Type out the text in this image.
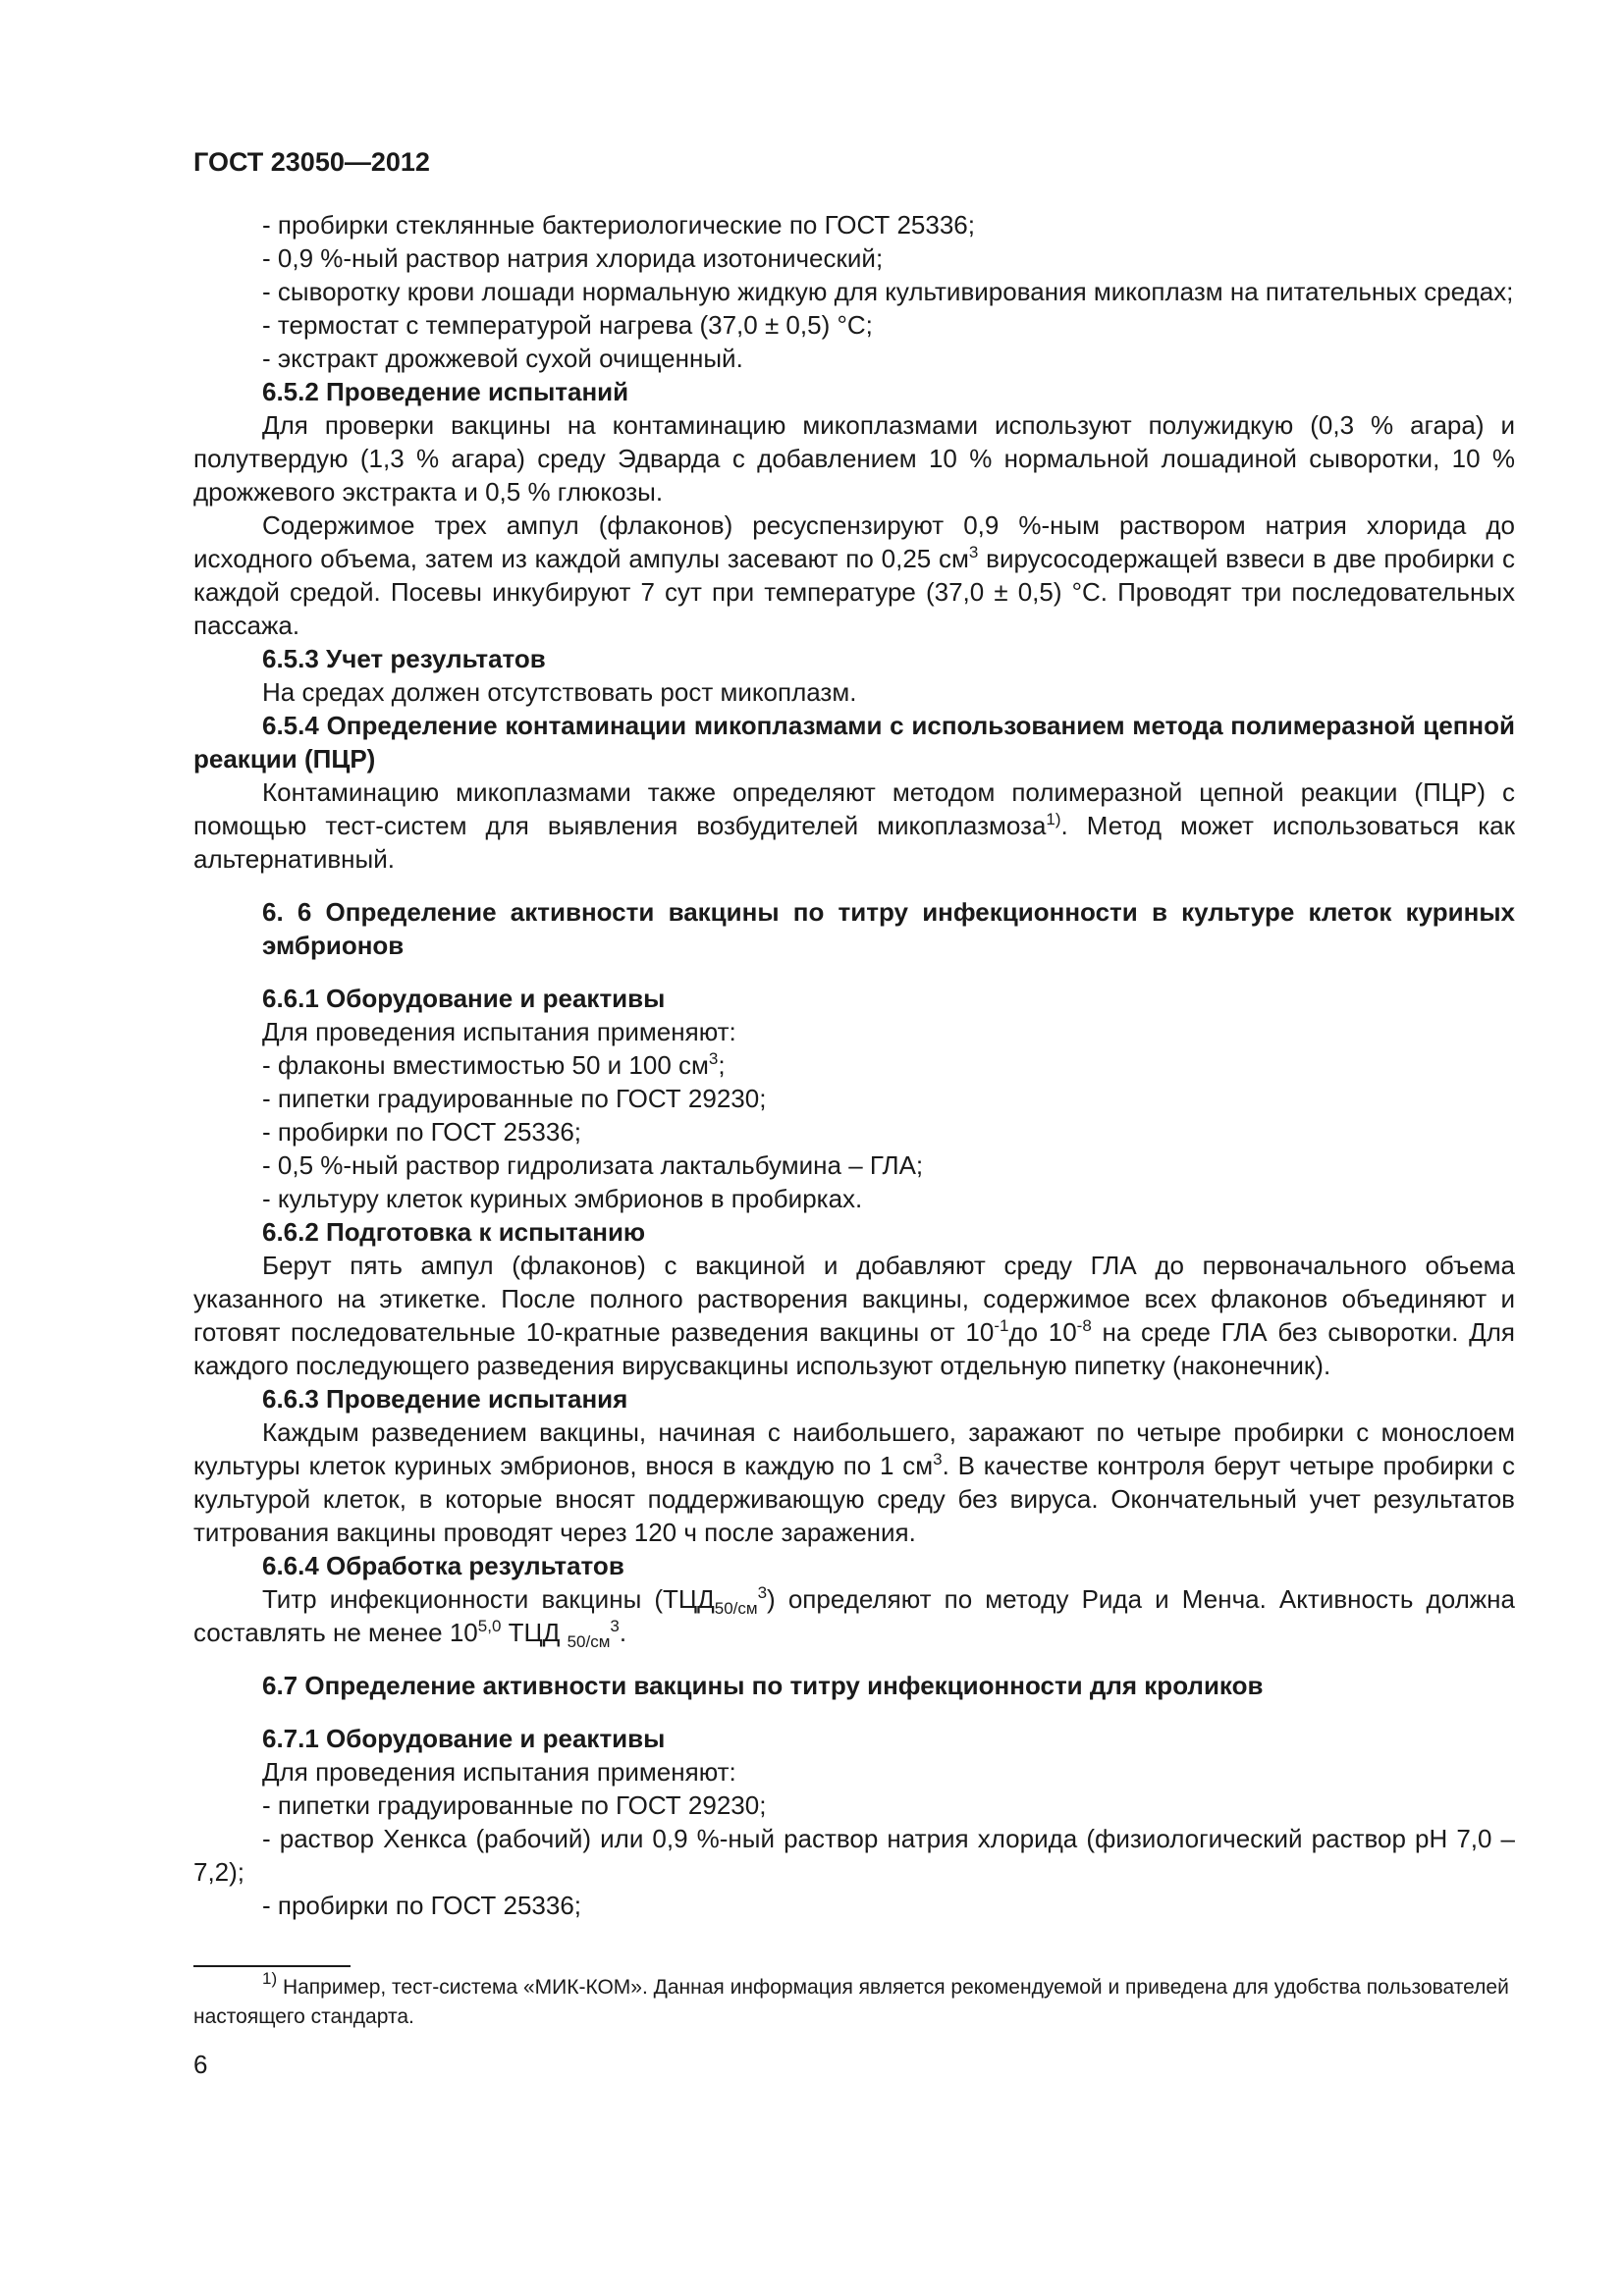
ГОСТ 23050—2012

- пробирки стеклянные бактериологические по ГОСТ 25336;

- 0,9 %-ный раствор натрия хлорида изотонический;

- сыворотку крови лошади нормальную жидкую для культивирования микоплазм на питательных средах;

- термостат с температурой нагрева (37,0 ± 0,5) °С;

- экстракт дрожжевой сухой очищенный.

6.5.2 Проведение испытаний

Для проверки вакцины на контаминацию микоплазмами используют полужидкую (0,3 % агара) и полутвердую (1,3 % агара) среду Эдварда с добавлением 10 % нормальной лошадиной сыворотки, 10 % дрожжевого экстракта и 0,5 % глюкозы.

Содержимое трех ампул (флаконов) ресуспензируют 0,9 %-ным раствором натрия хлорида до исходного объема, затем из каждой ампулы засевают по 0,25 $см^3$ вирусосодержащей взвеси в две пробирки с каждой средой. Посевы инкубируют 7 сут при температуре (37,0 ± 0,5) °С. Проводят три последовательных пассажа.

6.5.3 Учет результатов

На средах должен отсутствовать рост микоплазм.

6.5.4 Определение контаминации микоплазмами с использованием метода полимеразной цепной реакции (ПЦР)

Контаминацию микоплазмами также определяют методом полимеразной цепной реакции (ПЦР) с помощью тест-систем для выявления возбудителей микоплазмоза$^{1)}$. Метод может использоваться как альтернативный.

6. 6 Определение активности вакцины по титру инфекционности в культуре клеток куриных эмбрионов

6.6.1 Оборудование и реактивы

Для проведения испытания применяют:

- флаконы вместимостью 50 и 100 $см^3$;

- пипетки градуированные по ГОСТ 29230;

- пробирки по ГОСТ 25336;

- 0,5 %-ный раствор гидролизата лактальбумина – ГЛА;

- культуру клеток куриных эмбрионов в пробирках.

6.6.2 Подготовка к испытанию

Берут пять ампул (флаконов) с вакциной и добавляют среду ГЛА до первоначального объема указанного на этикетке. После полного растворения вакцины, содержимое всех флаконов объединяют и готовят последовательные 10-кратные разведения вакцины от $10^{-1}до$ $10^{-8}$ на среде ГЛА без сыворотки. Для каждого последующего разведения вирусвакцины используют отдельную пипетку (наконечник).

6.6.3 Проведение испытания

Каждым разведением вакцины, начиная с наибольшего, заражают по четыре пробирки с монослоем культуры клеток куриных эмбрионов, внося в каждую по 1 $см^3$. В качестве контроля берут четыре пробирки с культурой клеток, в которые вносят поддерживающую среду без вируса. Окончательный учет результатов титрования вакцины проводят через 120 ч после заражения.

6.6.4 Обработка результатов

Титр инфекционности вакцины $(ТЦД_{50/см}^3)$ определяют по методу Рида и Менча. Активность должна составлять не менее 10$^{5,0}$ ТЦД $_{50/см}^3$.

6.7 Определение активности вакцины по титру инфекционности для кроликов

6.7.1 Оборудование и реактивы

Для проведения испытания применяют:

- пипетки градуированные по ГОСТ 29230;

- раствор Хенкса (рабочий) или 0,9 %-ный раствор натрия хлорида (физиологический раствор рН 7,0 – 7,2);

- пробирки по ГОСТ 25336;

$^{1)}$ Например, тест-система «МИК-КОМ». Данная информация является рекомендуемой и приведена для удобства пользователей настоящего стандарта.
6
